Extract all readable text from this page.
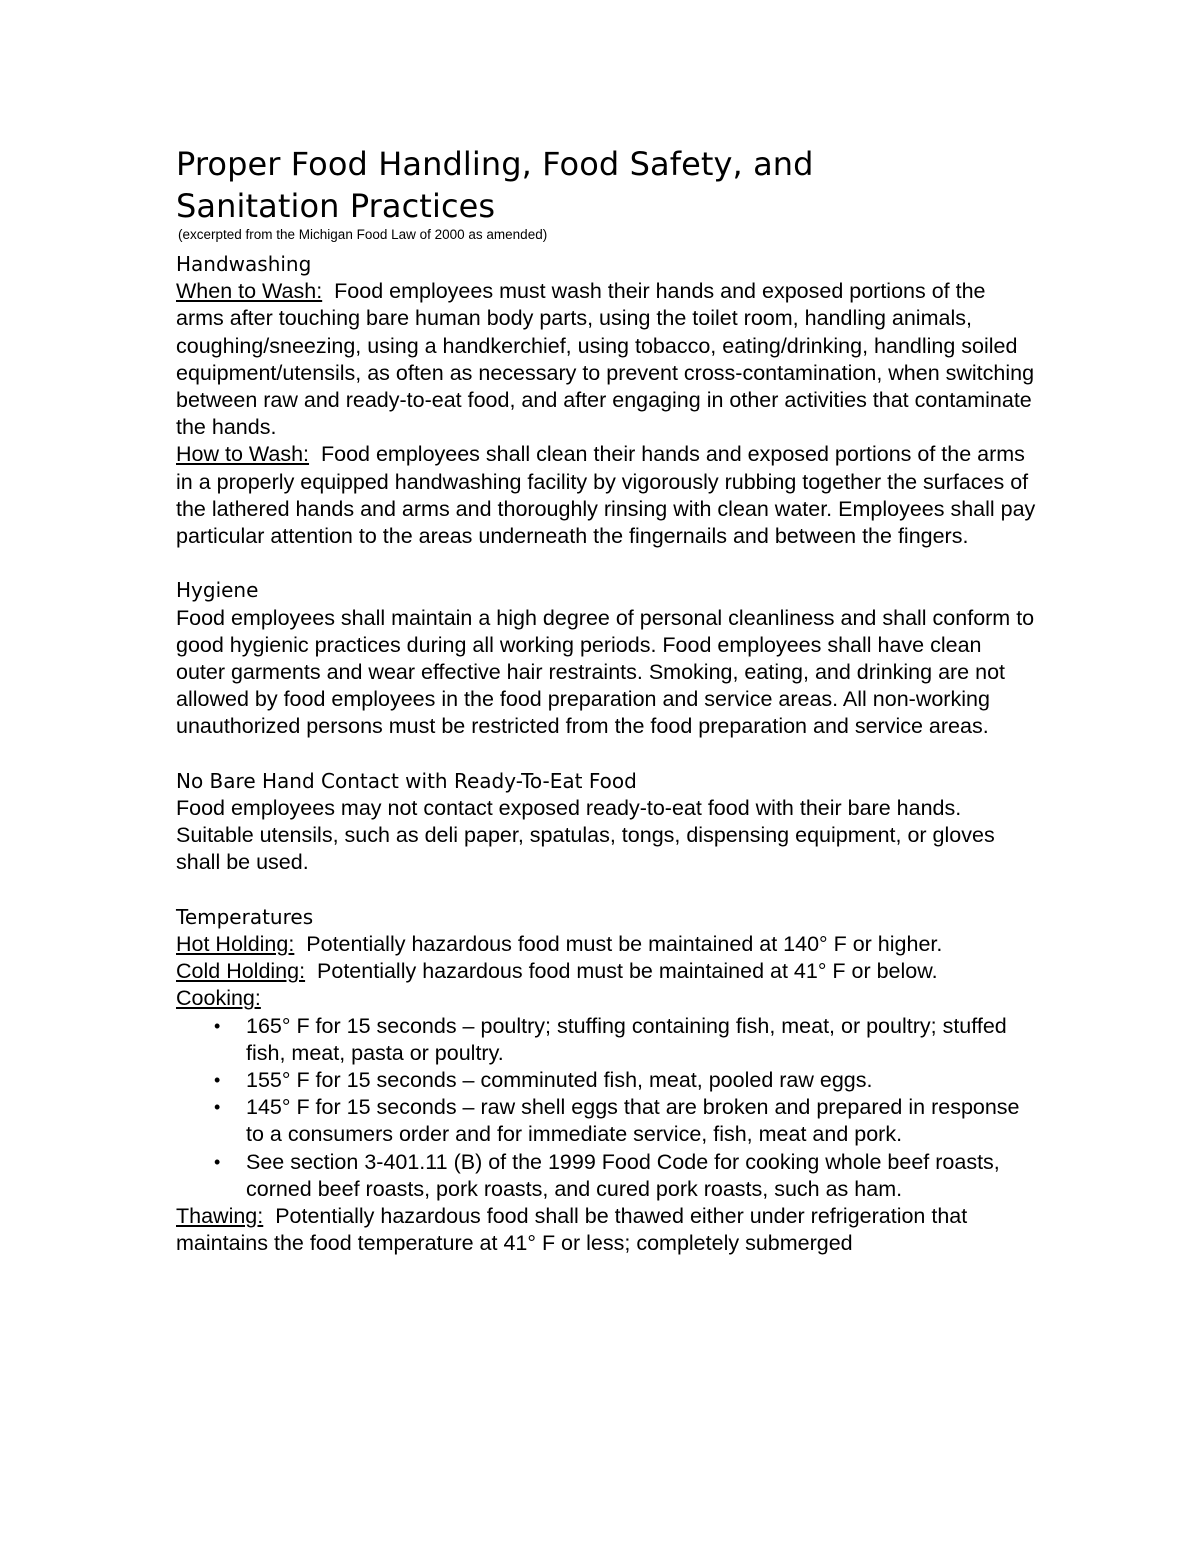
Proper Food Handling, Food Safety, and
Sanitation Practices

(excerpted from the Michigan Food Law of 2000 as amended)

Handwashing

When to Wash: Food employees must wash their hands and exposed portions of the arms after touching bare human body parts, using the toilet room, handling animals, coughing/sneezing, using a handkerchief, using tobacco, eating/drinking, handling soiled equipment/utensils, as often as necessary to prevent cross-contamination, when switching between raw and ready-to-eat food, and after engaging in other activities that contaminate the hands.

How to Wash: Food employees shall clean their hands and exposed portions of the arms in a properly equipped handwashing facility by vigorously rubbing together the surfaces of the lathered hands and arms and thoroughly rinsing with clean water. Employees shall pay particular attention to the areas underneath the fingernails and between the fingers.

Hygiene

Food employees shall maintain a high degree of personal cleanliness and shall conform to good hygienic practices during all working periods. Food employees shall have clean outer garments and wear effective hair restraints. Smoking, eating, and drinking are not allowed by food employees in the food preparation and service areas. All non-working unauthorized persons must be restricted from the food preparation and service areas.

No Bare Hand Contact with Ready-To-Eat Food

Food employees may not contact exposed ready-to-eat food with their bare hands. Suitable utensils, such as deli paper, spatulas, tongs, dispensing equipment, or gloves shall be used.

Temperatures

Hot Holding: Potentially hazardous food must be maintained at 140° F or higher.

Cold Holding: Potentially hazardous food must be maintained at 41° F or below.

Cooking:

• 165° F for 15 seconds – poultry; stuffing containing fish, meat, or poultry; stuffed fish, meat, pasta or poultry.
• 155° F for 15 seconds – comminuted fish, meat, pooled raw eggs.
• 145° F for 15 seconds – raw shell eggs that are broken and prepared in response to a consumers order and for immediate service, fish, meat and pork.
• See section 3-401.11 (B) of the 1999 Food Code for cooking whole beef roasts, corned beef roasts, pork roasts, and cured pork roasts, such as ham.

Thawing: Potentially hazardous food shall be thawed either under refrigeration that maintains the food temperature at 41° F or less; completely submerged
